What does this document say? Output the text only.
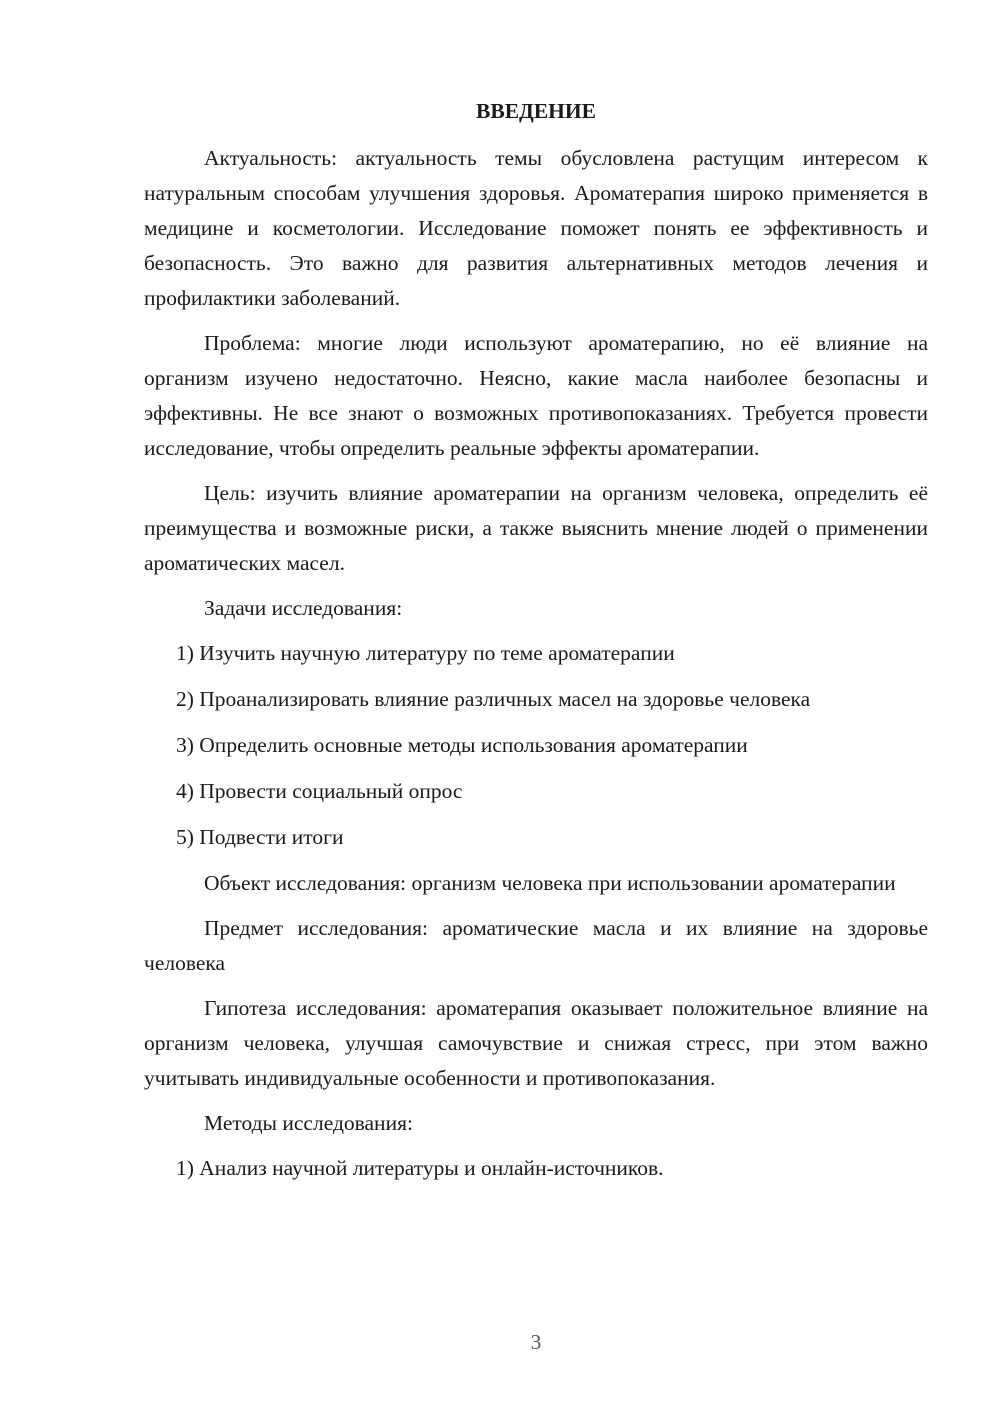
ВВЕДЕНИЕ
Актуальность: актуальность темы обусловлена растущим интересом к натуральным способам улучшения здоровья. Ароматерапия широко применяется в медицине и косметологии. Исследование поможет понять ее эффективность и безопасность. Это важно для развития альтернативных методов лечения и профилактики заболеваний.
Проблема: многие люди используют ароматерапию, но её влияние на организм изучено недостаточно. Неясно, какие масла наиболее безопасны и эффективны. Не все знают о возможных противопоказаниях. Требуется провести исследование, чтобы определить реальные эффекты ароматерапии.
Цель: изучить влияние ароматерапии на организм человека, определить её преимущества и возможные риски, а также выяснить мнение людей о применении ароматических масел.
Задачи исследования:
1) Изучить научную литературу по теме ароматерапии
2) Проанализировать влияние различных масел на здоровье человека
3) Определить основные методы использования ароматерапии
4) Провести социальный опрос
5) Подвести итоги
Объект исследования: организм человека при использовании ароматерапии
Предмет исследования: ароматические масла и их влияние на здоровье человека
Гипотеза исследования: ароматерапия оказывает положительное влияние на организм человека, улучшая самочувствие и снижая стресс, при этом важно учитывать индивидуальные особенности и противопоказания.
Методы исследования:
1) Анализ научной литературы и онлайн-источников.
3
